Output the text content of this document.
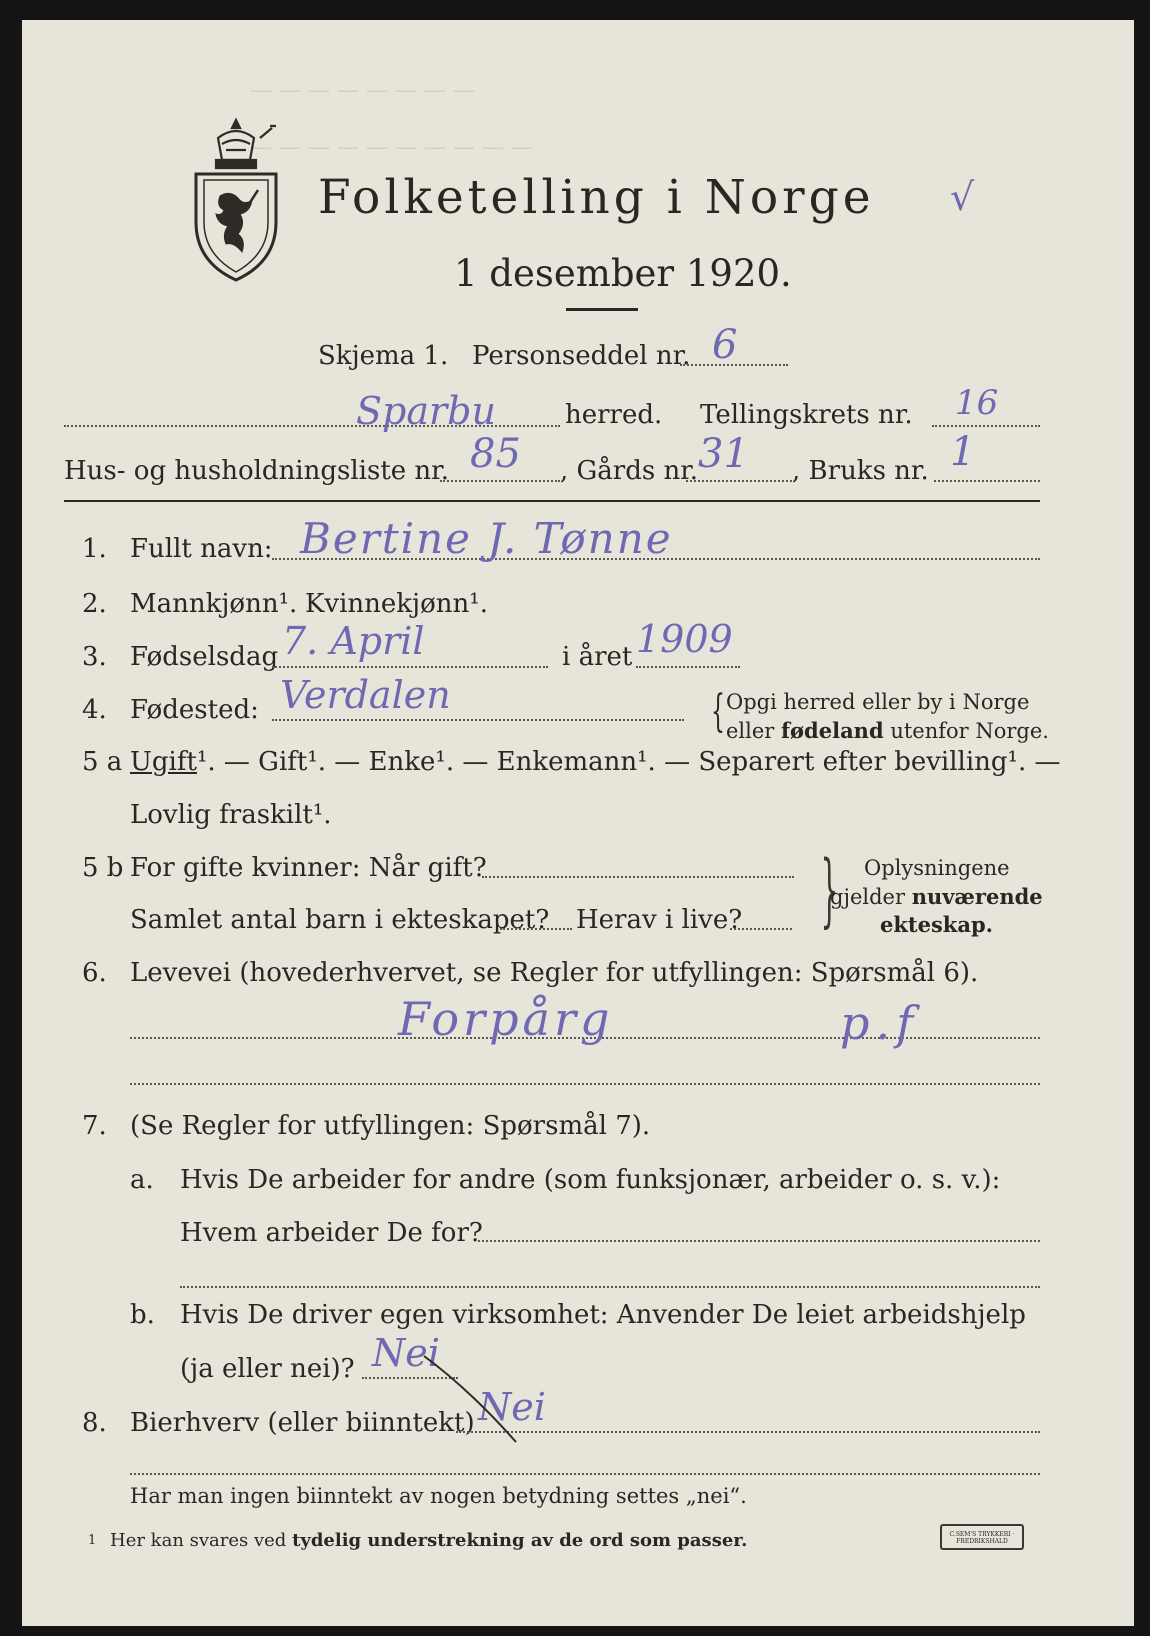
— — — — — — — —
— — — — — — — — — —
Folketelling i Norge √
1 desember 1920.
Skjema 1. Personseddel nr. 6
Sparbu	herred. Tellingskrets nr. 16
Hus- og husholdningsliste nr. 85 , Gårds nr. 31 , Bruks nr. 1
1. Fullt navn: Bertine J. Tønne
2. Mannkjønn¹. Kvinnekjønn¹.
3. Fødselsdag 7. April	i året 1909
4. Fødested: Verdalen	{ Opgi herred eller by i Norge
eller fødeland utenfor Norge.
5 a Ugift¹. — Gift¹. — Enke¹. — Enkemann¹. — Separert efter bevilling¹. —
Lovlig fraskilt¹.
5 b For gifte kvinner: Når gift?
Samlet antal barn i ekteskapet? Herav i live? } Oplysningene
gjelder nuværende
ekteskap.
6. Levevei (hovederhvervet, se Regler for utfyllingen: Spørsmål 6).
Forpårg	p.f
7. (Se Regler for utfyllingen: Spørsmål 7).
a. Hvis De arbeider for andre (som funksjonær, arbeider o. s. v.):
Hvem arbeider De for?
b. Hvis De driver egen virksomhet: Anvender De leiet arbeidshjelp
(ja eller nei)? Nei
8. Bierhverv (eller biinntekt) Nei
Har man ingen biinntekt av nogen betydning settes „nei“.
1 Her kan svares ved tydelig understrekning av de ord som passer.	C.SEM'S TRYKKERI · FREDRIKSHALD
